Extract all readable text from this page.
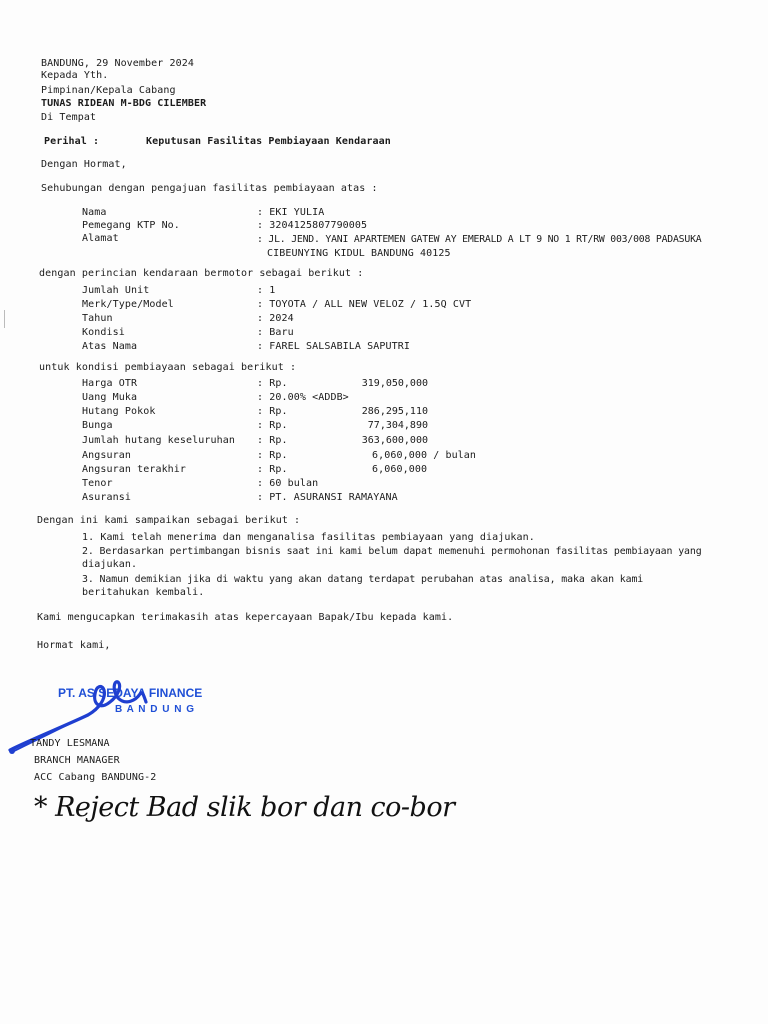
BANDUNG, 29 November 2024
Kepada Yth.
Pimpinan/Kepala Cabang
TUNAS RIDEAN M-BDG CILEMBER
Di Tempat
Perihal :	Keputusan Fasilitas Pembiayaan Kendaraan
Dengan Hormat,
Sehubungan dengan pengajuan fasilitas pembiayaan atas :
Nama	: EKI YULIA
Pemegang KTP No.	: 3204125807790005
Alamat	: JL. JEND. YANI APARTEMEN GATEW AY EMERALD A LT 9 NO 1 RT/RW 003/008 PADASUKA
CIBEUNYING KIDUL BANDUNG 40125
dengan perincian kendaraan bermotor sebagai berikut :
Jumlah Unit	: 1
Merk/Type/Model	: TOYOTA / ALL NEW VELOZ / 1.5Q CVT
Tahun	: 2024
Kondisi	: Baru
Atas Nama	: FAREL SALSABILA SAPUTRI
untuk kondisi pembiayaan sebagai berikut :
Harga OTR	: Rp.	319,050,000
Uang Muka	: 20.00% <ADDB>
Hutang Pokok	: Rp.	286,295,110
Bunga	: Rp.	77,304,890
Jumlah hutang keseluruhan : Rp.	363,600,000
Angsuran	: Rp.	6,060,000 / bulan
Angsuran terakhir	: Rp.	6,060,000
Tenor	: 60 bulan
Asuransi	: PT. ASURANSI RAMAYANA
Dengan ini kami sampaikan sebagai berikut :
1. Kami telah menerima dan menganalisa fasilitas pembiayaan yang diajukan.
2. Berdasarkan pertimbangan bisnis saat ini kami belum dapat memenuhi permohonan fasilitas pembiayaan yang
diajukan.
3. Namun demikian jika di waktu yang akan datang terdapat perubahan atas analisa, maka akan kami
beritahukan kembali.
Kami mengucapkan terimakasih atas kepercayaan Bapak/Ibu kepada kami.
Hormat kami,
PT. AS SEDAYA FINANCE
B A N D U N G
TANDY LESMANA
BRANCH MANAGER
ACC Cabang BANDUNG-2
* Reject Bad slik bor dan co-bor
